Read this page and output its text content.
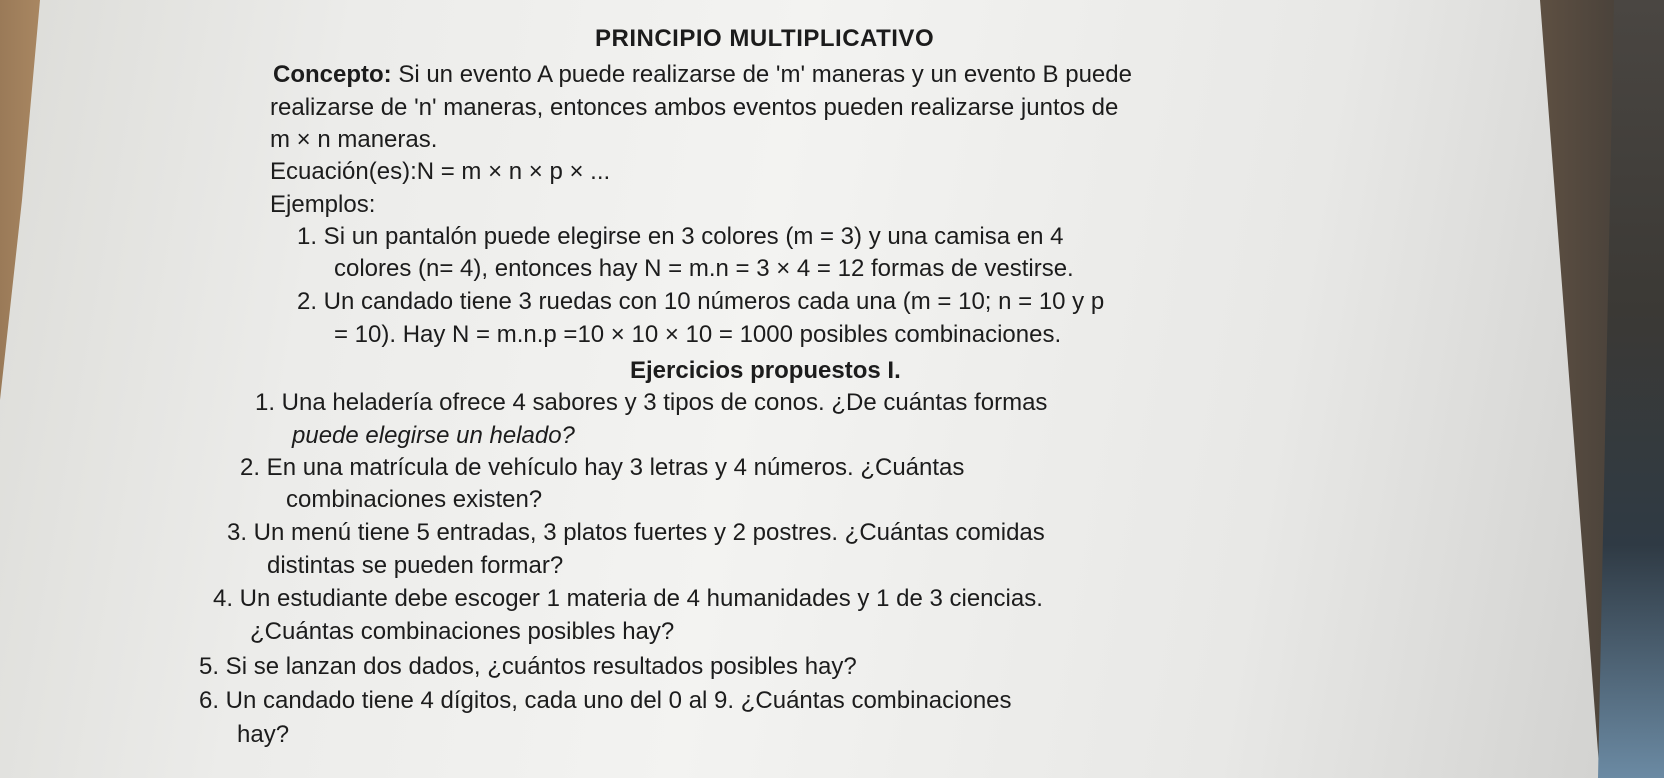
PRINCIPIO MULTIPLICATIVO
Concepto: Si un evento A puede realizarse de 'm' maneras y un evento B puede
realizarse de 'n' maneras, entonces ambos eventos pueden realizarse juntos de
m × n maneras.
Ecuación(es):N = m × n × p × ...
Ejemplos:
1. Si un pantalón puede elegirse en 3 colores (m = 3) y una camisa en 4
colores (n= 4), entonces hay N = m.n = 3 × 4 = 12 formas de vestirse.
2. Un candado tiene 3 ruedas con 10 números cada una (m = 10; n = 10 y p
= 10). Hay N = m.n.p =10 × 10 × 10 = 1000 posibles combinaciones.
Ejercicios propuestos I.
1. Una heladería ofrece 4 sabores y 3 tipos de conos. ¿De cuántas formas
puede elegirse un helado?
2. En una matrícula de vehículo hay 3 letras y 4 números. ¿Cuántas
combinaciones existen?
3. Un menú tiene 5 entradas, 3 platos fuertes y 2 postres. ¿Cuántas comidas
distintas se pueden formar?
4. Un estudiante debe escoger 1 materia de 4 humanidades y 1 de 3 ciencias.
¿Cuántas combinaciones posibles hay?
5. Si se lanzan dos dados, ¿cuántos resultados posibles hay?
6. Un candado tiene 4 dígitos, cada uno del 0 al 9. ¿Cuántas combinaciones
hay?
